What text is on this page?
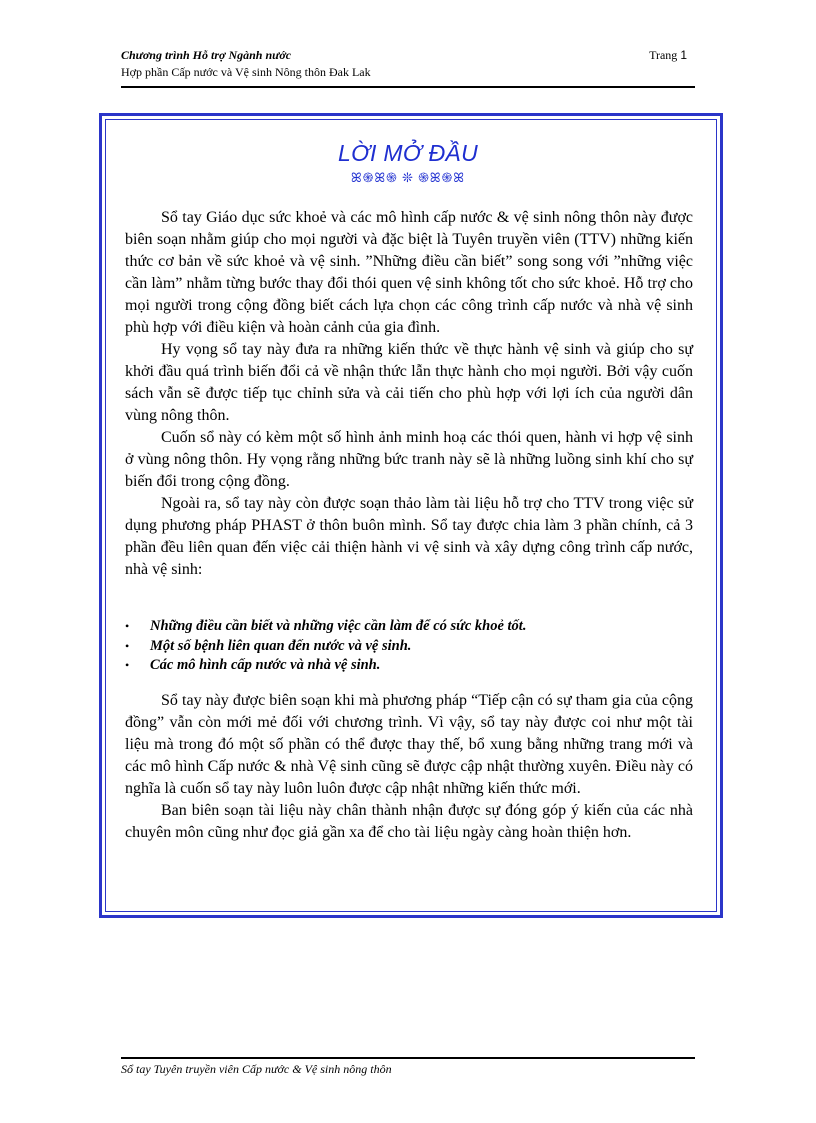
Chương trình Hỗ trợ Ngành nước	Trang 1
Hợp phần Cấp nước và Vệ sinh Nông thôn Đak Lak
LỜI MỞ ĐẦU
ꕤ֍ꕤ֍ ❊ ֍ꕤ֍ꕤ

Sổ tay Giáo dục sức khoẻ và các mô hình cấp nước & vệ sinh nông thôn này được biên soạn nhằm giúp cho mọi người và đặc biệt là Tuyên truyền viên (TTV) những kiến thức cơ bản về sức khoẻ và vệ sinh. ”Những điều cần biết” song song với ”những việc cần làm” nhằm từng bước thay đổi thói quen vệ sinh không tốt cho sức khoẻ. Hỗ trợ cho mọi người trong cộng đồng biết cách lựa chọn các công trình cấp nước và nhà vệ sinh phù hợp với điều kiện và hoàn cảnh của gia đình.

Hy vọng sổ tay này đưa ra những kiến thức về thực hành vệ sinh và giúp cho sự khởi đầu quá trình biến đổi cả về nhận thức lẫn thực hành cho mọi người. Bởi vậy cuốn sách vẫn sẽ được tiếp tục chỉnh sửa và cải tiến cho phù hợp với lợi ích của người dân vùng nông thôn.

Cuốn sổ này có kèm một số hình ảnh minh hoạ các thói quen, hành vi hợp vệ sinh ở vùng nông thôn. Hy vọng rằng những bức tranh này sẽ là những luồng sinh khí cho sự biến đổi trong cộng đồng.

Ngoài ra, sổ tay này còn được soạn thảo làm tài liệu hỗ trợ cho TTV trong việc sử dụng phương pháp PHAST ở thôn buôn mình. Sổ tay được chia làm 3 phần chính, cả 3 phần đều liên quan đến việc cải thiện hành vi vệ sinh và xây dựng công trình cấp nước, nhà vệ sinh:

• Những điều cần biết và những việc cần làm để có sức khoẻ tốt.
• Một số bệnh liên quan đến nước và vệ sinh.
• Các mô hình cấp nước và nhà vệ sinh.

Sổ tay này được biên soạn khi mà phương pháp “Tiếp cận có sự tham gia của cộng đồng” vẫn còn mới mẻ đối với chương trình. Vì vậy, sổ tay này được coi như một tài liệu mà trong đó một số phần có thể được thay thế, bổ xung bằng những trang mới và các mô hình Cấp nước & nhà Vệ sinh cũng sẽ được cập nhật thường xuyên. Điều này có nghĩa là cuốn sổ tay này luôn luôn được cập nhật những kiến thức mới.

Ban biên soạn tài liệu này chân thành nhận được sự đóng góp ý kiến của các nhà chuyên môn cũng như đọc giả gần xa để cho tài liệu ngày càng hoàn thiện hơn.

Sổ tay Tuyên truyền viên Cấp nước & Vệ sinh nông thôn
